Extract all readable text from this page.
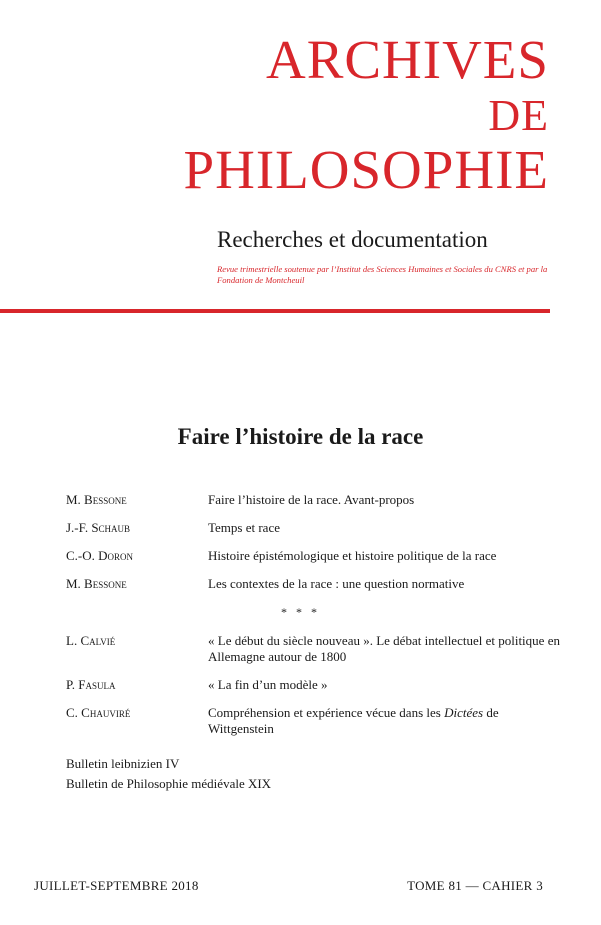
ARCHIVES
DE
PHILOSOPHIE
Recherches et documentation
Revue trimestrielle soutenue par l’Institut des Sciences Humaines et Sociales du CNRS et par la Fondation de Montcheuil
Faire l’histoire de la race
M. Bessone	Faire l’histoire de la race. Avant-propos
J.-F. Schaub	Temps et race
C.-O. Doron	Histoire épistémologique et histoire politique de la race
M. Bessone	Les contextes de la race : une question normative
* * *
L. Calvié	« Le début du siècle nouveau ». Le débat intellectuel et politique en Allemagne autour de 1800
P. Fasula	« La fin d’un modèle »
C. Chauviré	Compréhension et expérience vécue dans les Dictées de Wittgenstein
Bulletin leibnizien IV
Bulletin de Philosophie médiévale XIX
JUILLET-SEPTEMBRE 2018	TOME 81 — CAHIER 3
